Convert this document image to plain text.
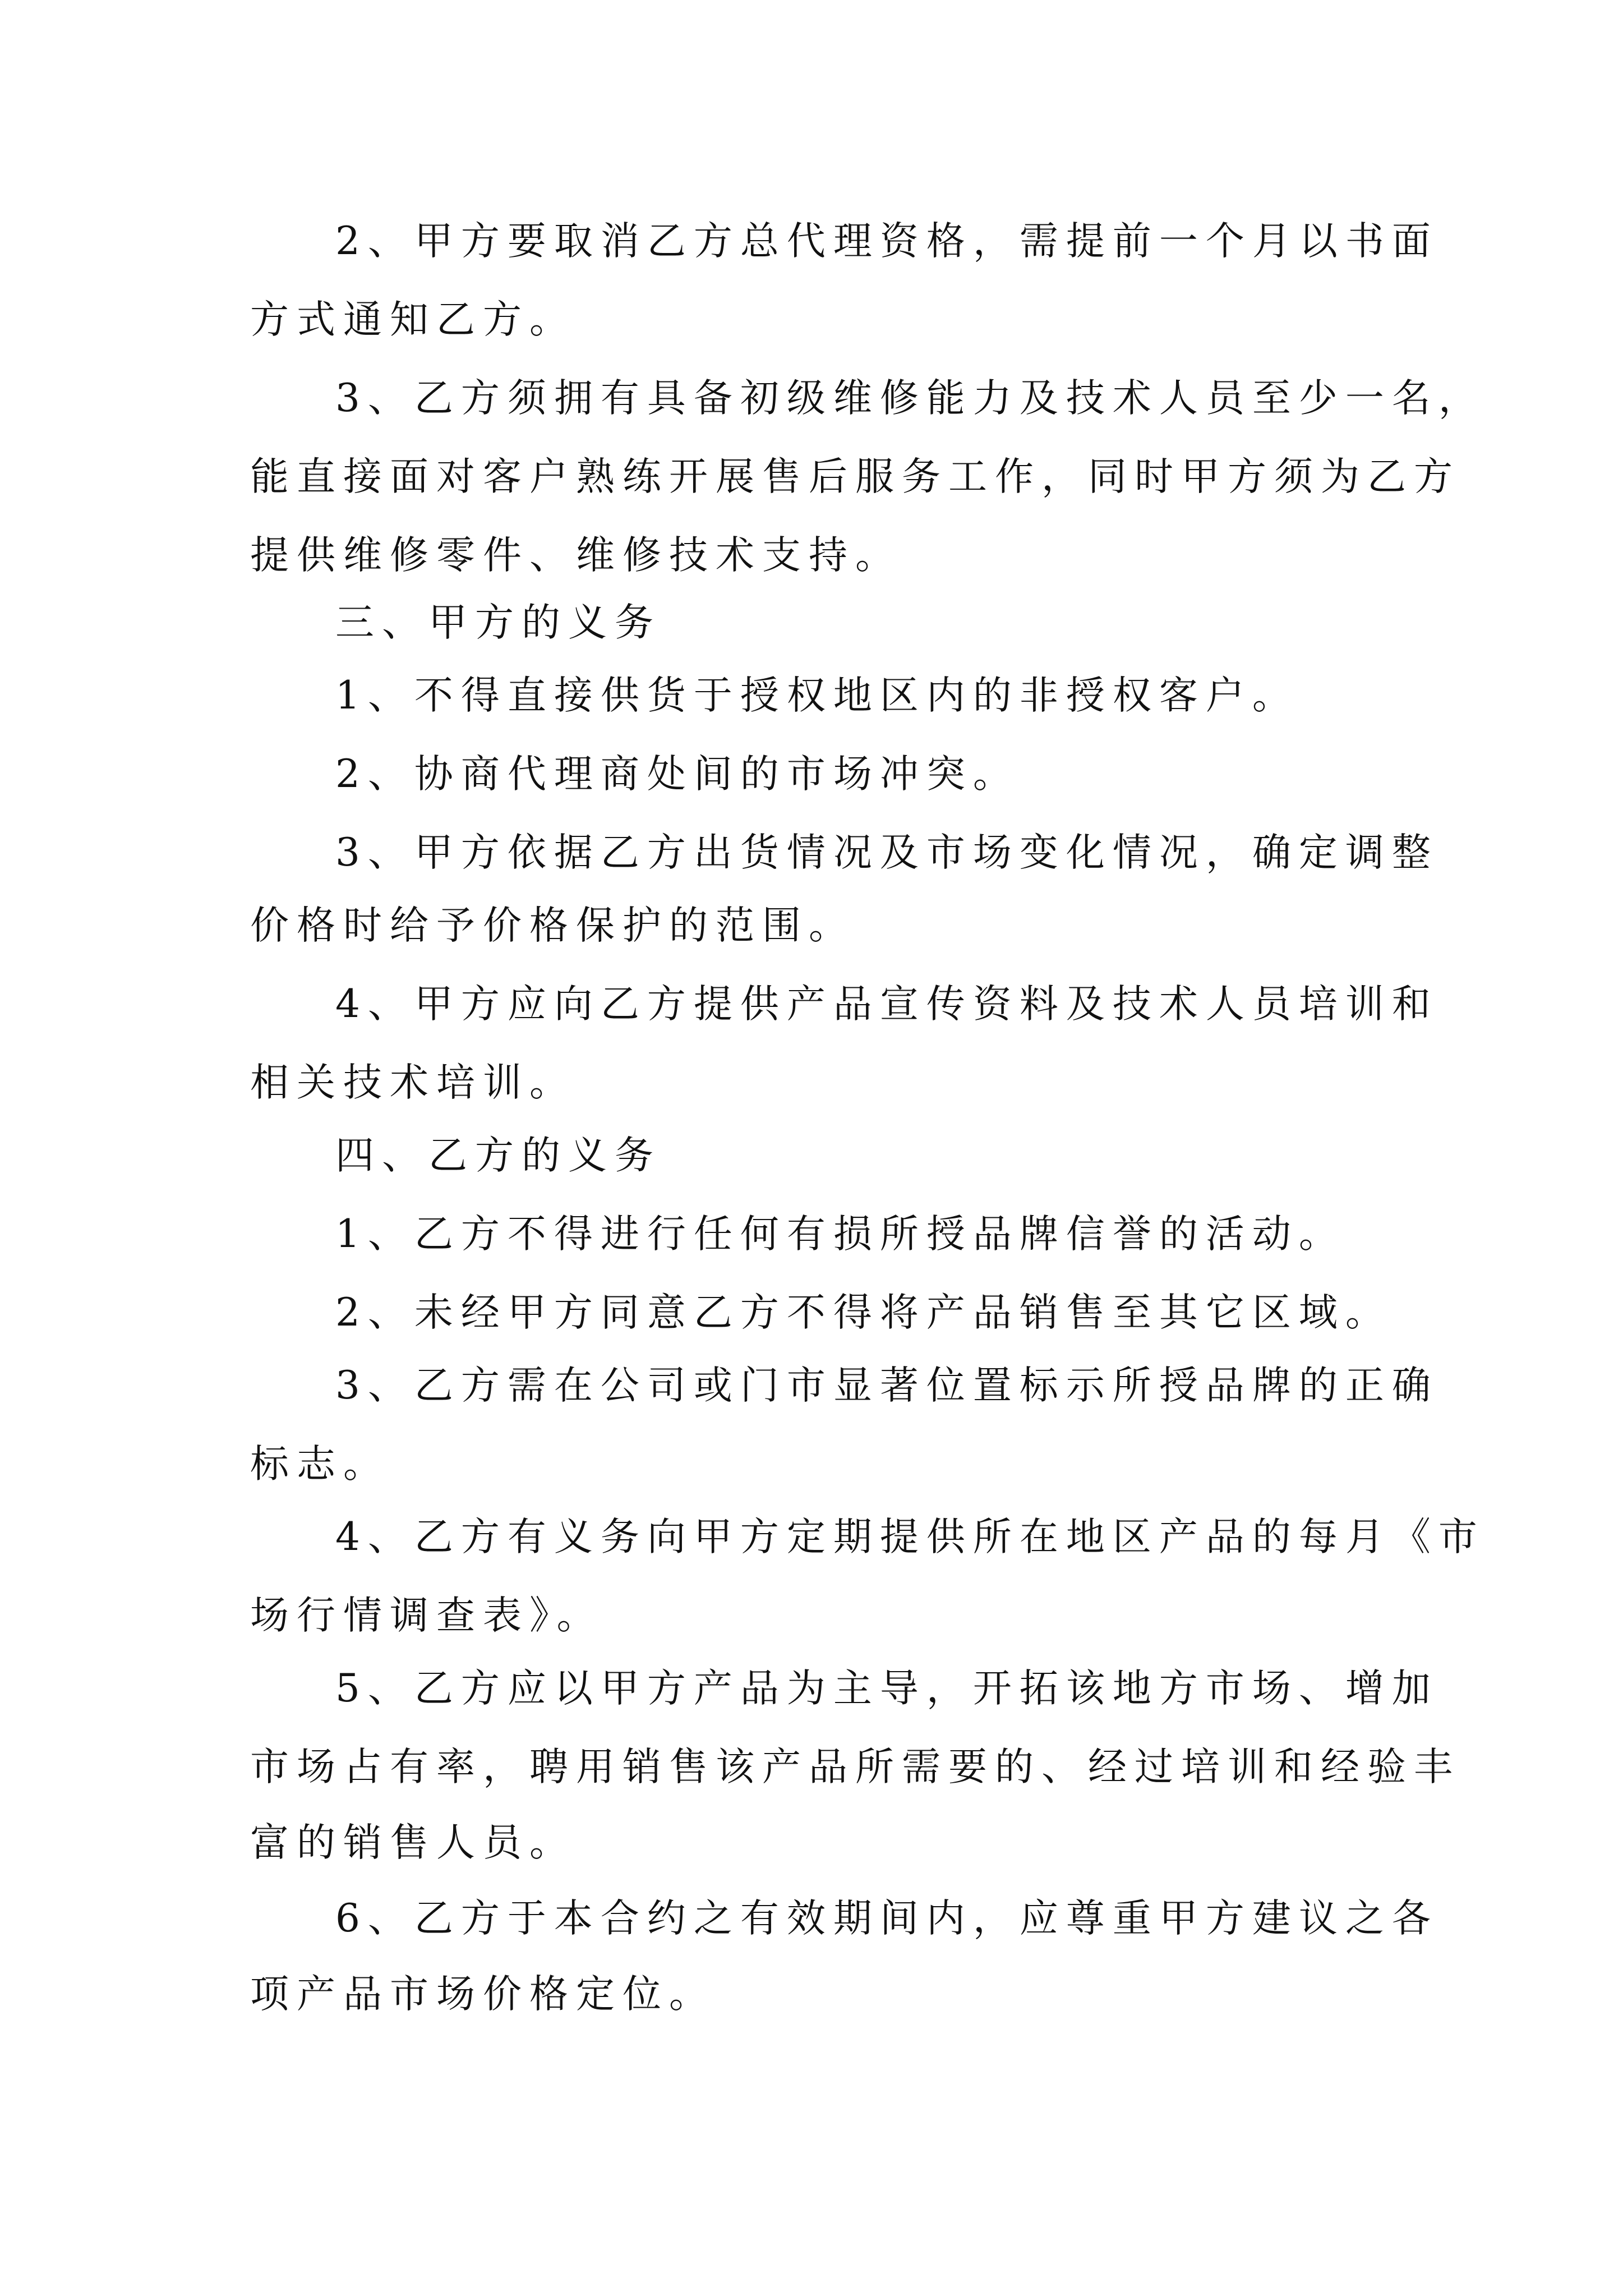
2、甲方要取消乙方总代理资格，需提前一个月以书面

方式通知乙方。

3、乙方须拥有具备初级维修能力及技术人员至少一名，

能直接面对客户熟练开展售后服务工作，同时甲方须为乙方

提供维修零件、维修技术支持。

三、甲方的义务

1、不得直接供货于授权地区内的非授权客户。

2、协商代理商处间的市场冲突。

3、甲方依据乙方出货情况及市场变化情况，确定调整

价格时给予价格保护的范围。

4、甲方应向乙方提供产品宣传资料及技术人员培训和

相关技术培训。

四、乙方的义务

1、乙方不得进行任何有损所授品牌信誉的活动。

2、未经甲方同意乙方不得将产品销售至其它区域。

3、乙方需在公司或门市显著位置标示所授品牌的正确

标志。

4、乙方有义务向甲方定期提供所在地区产品的每月《市

场行情调查表》。

5、乙方应以甲方产品为主导，开拓该地方市场、增加

市场占有率，聘用销售该产品所需要的、经过培训和经验丰

富的销售人员。

6、乙方于本合约之有效期间内，应尊重甲方建议之各

项产品市场价格定位。
